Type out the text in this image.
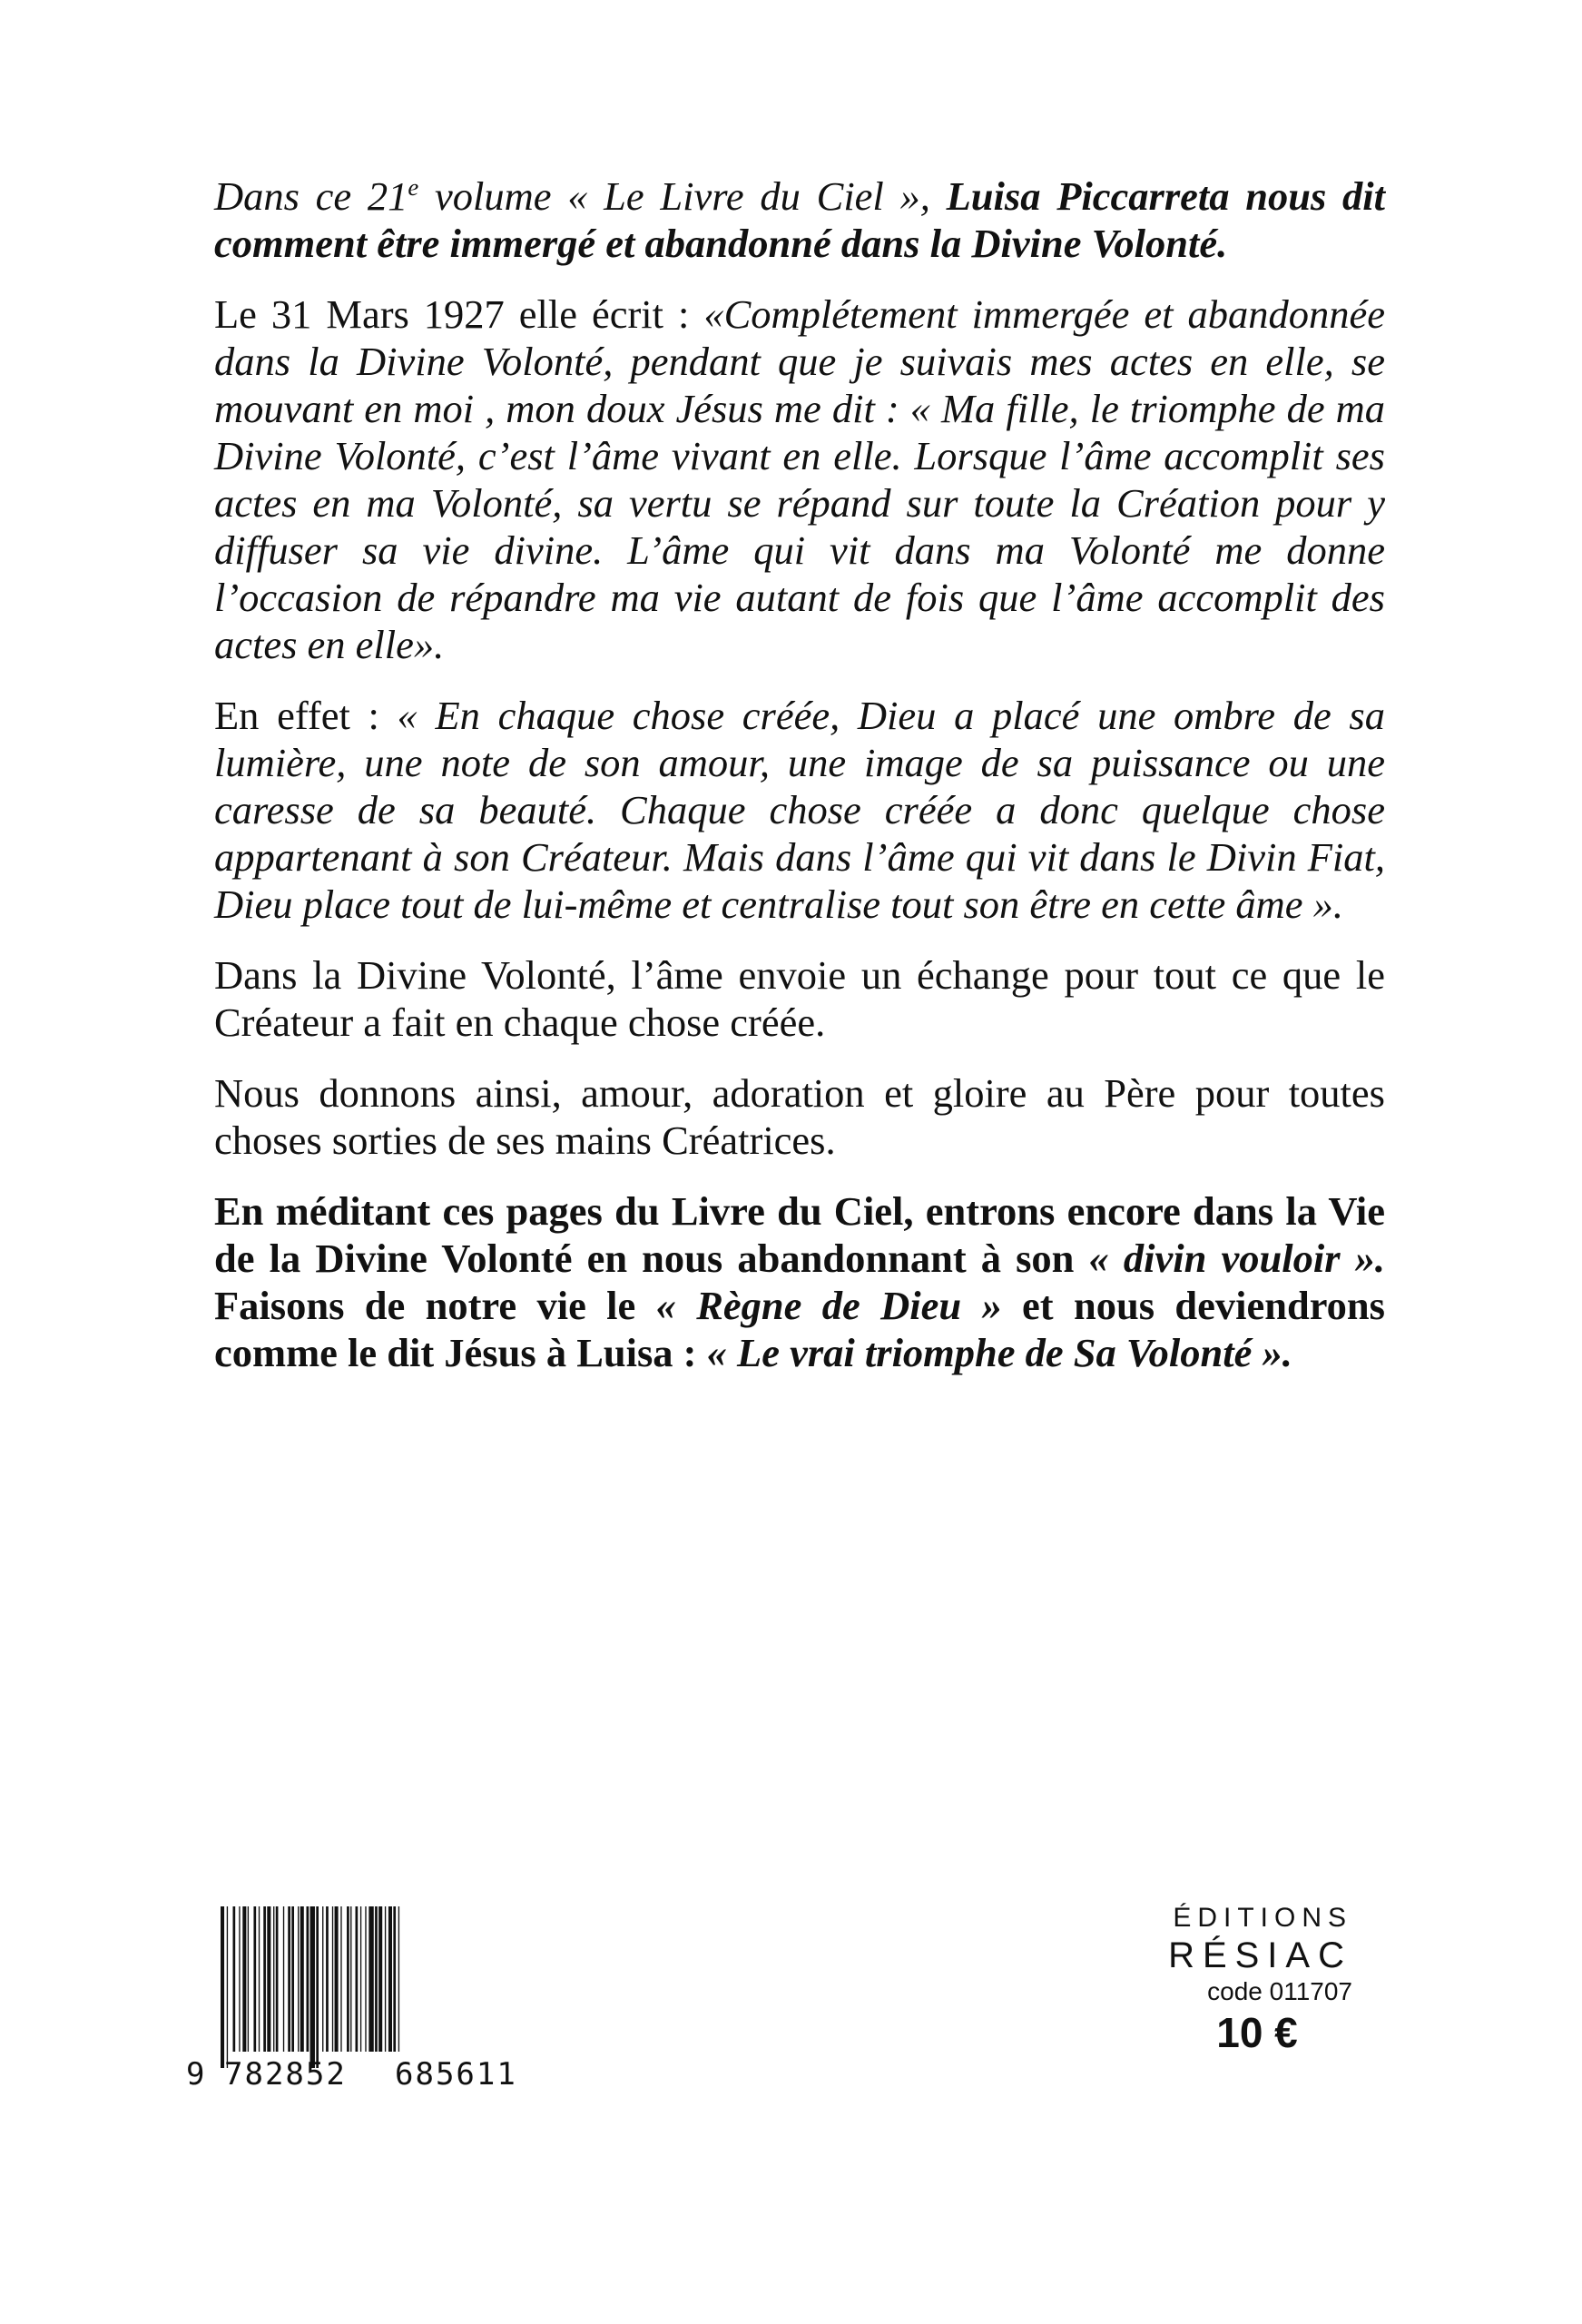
Dans ce 21e volume « Le Livre du Ciel », Luisa Piccarreta nous dit comment être immergé et abandonné dans la Divine Volonté.

Le 31 Mars 1927 elle écrit : «Complétement immergée et abandonnée dans la Divine Volonté, pendant que je suivais mes actes en elle, se mouvant en moi , mon doux Jésus me dit : « Ma fille, le triomphe de ma Divine Volonté, c’est l’âme vivant en elle. Lorsque l’âme accomplit ses actes en ma Volonté, sa vertu se répand sur toute la Création pour y diffuser sa vie divine. L’âme qui vit dans ma Volonté me donne l’occasion de répandre ma vie autant de fois que l’âme accomplit des actes en elle».

En effet : « En chaque chose créée, Dieu a placé une ombre de sa lumière, une note de son amour, une image de sa puissance ou une caresse de sa beauté. Chaque chose créée a donc quelque chose appartenant à son Créateur. Mais dans l’âme qui vit dans le Divin Fiat, Dieu place tout de lui-même et centralise tout son être en cette âme ».

Dans la Divine Volonté, l’âme envoie un échange pour tout ce que le Créateur a fait en chaque chose créée.

Nous donnons ainsi, amour, adoration et gloire au Père pour toutes choses sorties de ses mains Créatrices.

En méditant ces pages du Livre du Ciel, entrons encore dans la Vie de la Divine Volonté en nous abandonnant à son « divin vouloir ». Faisons de notre vie le « Règne de Dieu » et nous deviendrons comme le dit Jésus à Luisa : « Le vrai triomphe de Sa Volonté ».

9 782852 685611
ÉDITIONS
RÉSIAC
code 011707
10 €
